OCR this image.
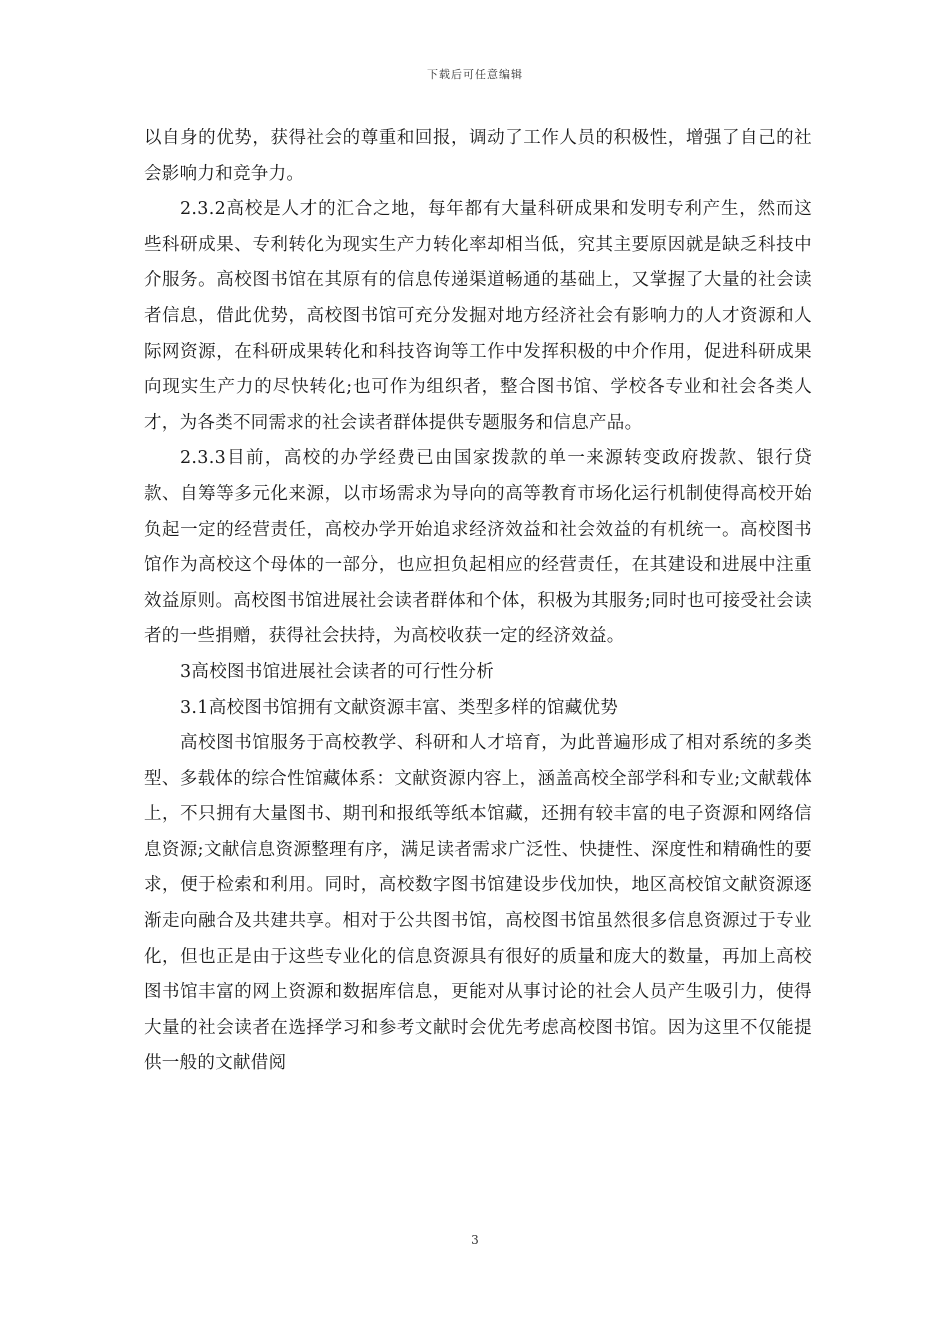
下载后可任意编辑

以自身的优势，获得社会的尊重和回报，调动了工作人员的积极性，增强了自己的社会影响力和竞争力。

2.3.2高校是人才的汇合之地，每年都有大量科研成果和发明专利产生，然而这些科研成果、专利转化为现实生产力转化率却相当低，究其主要原因就是缺乏科技中介服务。高校图书馆在其原有的信息传递渠道畅通的基础上，又掌握了大量的社会读者信息，借此优势，高校图书馆可充分发掘对地方经济社会有影响力的人才资源和人际网资源，在科研成果转化和科技咨询等工作中发挥积极的中介作用，促进科研成果向现实生产力的尽快转化;也可作为组织者，整合图书馆、学校各专业和社会各类人才，为各类不同需求的社会读者群体提供专题服务和信息产品。

2.3.3目前，高校的办学经费已由国家拨款的单一来源转变政府拨款、银行贷款、自筹等多元化来源，以市场需求为导向的高等教育市场化运行机制使得高校开始负起一定的经营责任，高校办学开始追求经济效益和社会效益的有机统一。高校图书馆作为高校这个母体的一部分，也应担负起相应的经营责任，在其建设和进展中注重效益原则。高校图书馆进展社会读者群体和个体，积极为其服务;同时也可接受社会读者的一些捐赠，获得社会扶持，为高校收获一定的经济效益。

3高校图书馆进展社会读者的可行性分析

3.1高校图书馆拥有文献资源丰富、类型多样的馆藏优势

高校图书馆服务于高校教学、科研和人才培育，为此普遍形成了相对系统的多类型、多载体的综合性馆藏体系：文献资源内容上，涵盖高校全部学科和专业;文献载体上，不只拥有大量图书、期刊和报纸等纸本馆藏，还拥有较丰富的电子资源和网络信息资源;文献信息资源整理有序，满足读者需求广泛性、快捷性、深度性和精确性的要求，便于检索和利用。同时，高校数字图书馆建设步伐加快，地区高校馆文献资源逐渐走向融合及共建共享。相对于公共图书馆，高校图书馆虽然很多信息资源过于专业化，但也正是由于这些专业化的信息资源具有很好的质量和庞大的数量，再加上高校图书馆丰富的网上资源和数据库信息，更能对从事讨论的社会人员产生吸引力，使得大量的社会读者在选择学习和参考文献时会优先考虑高校图书馆。因为这里不仅能提供一般的文献借阅

3
